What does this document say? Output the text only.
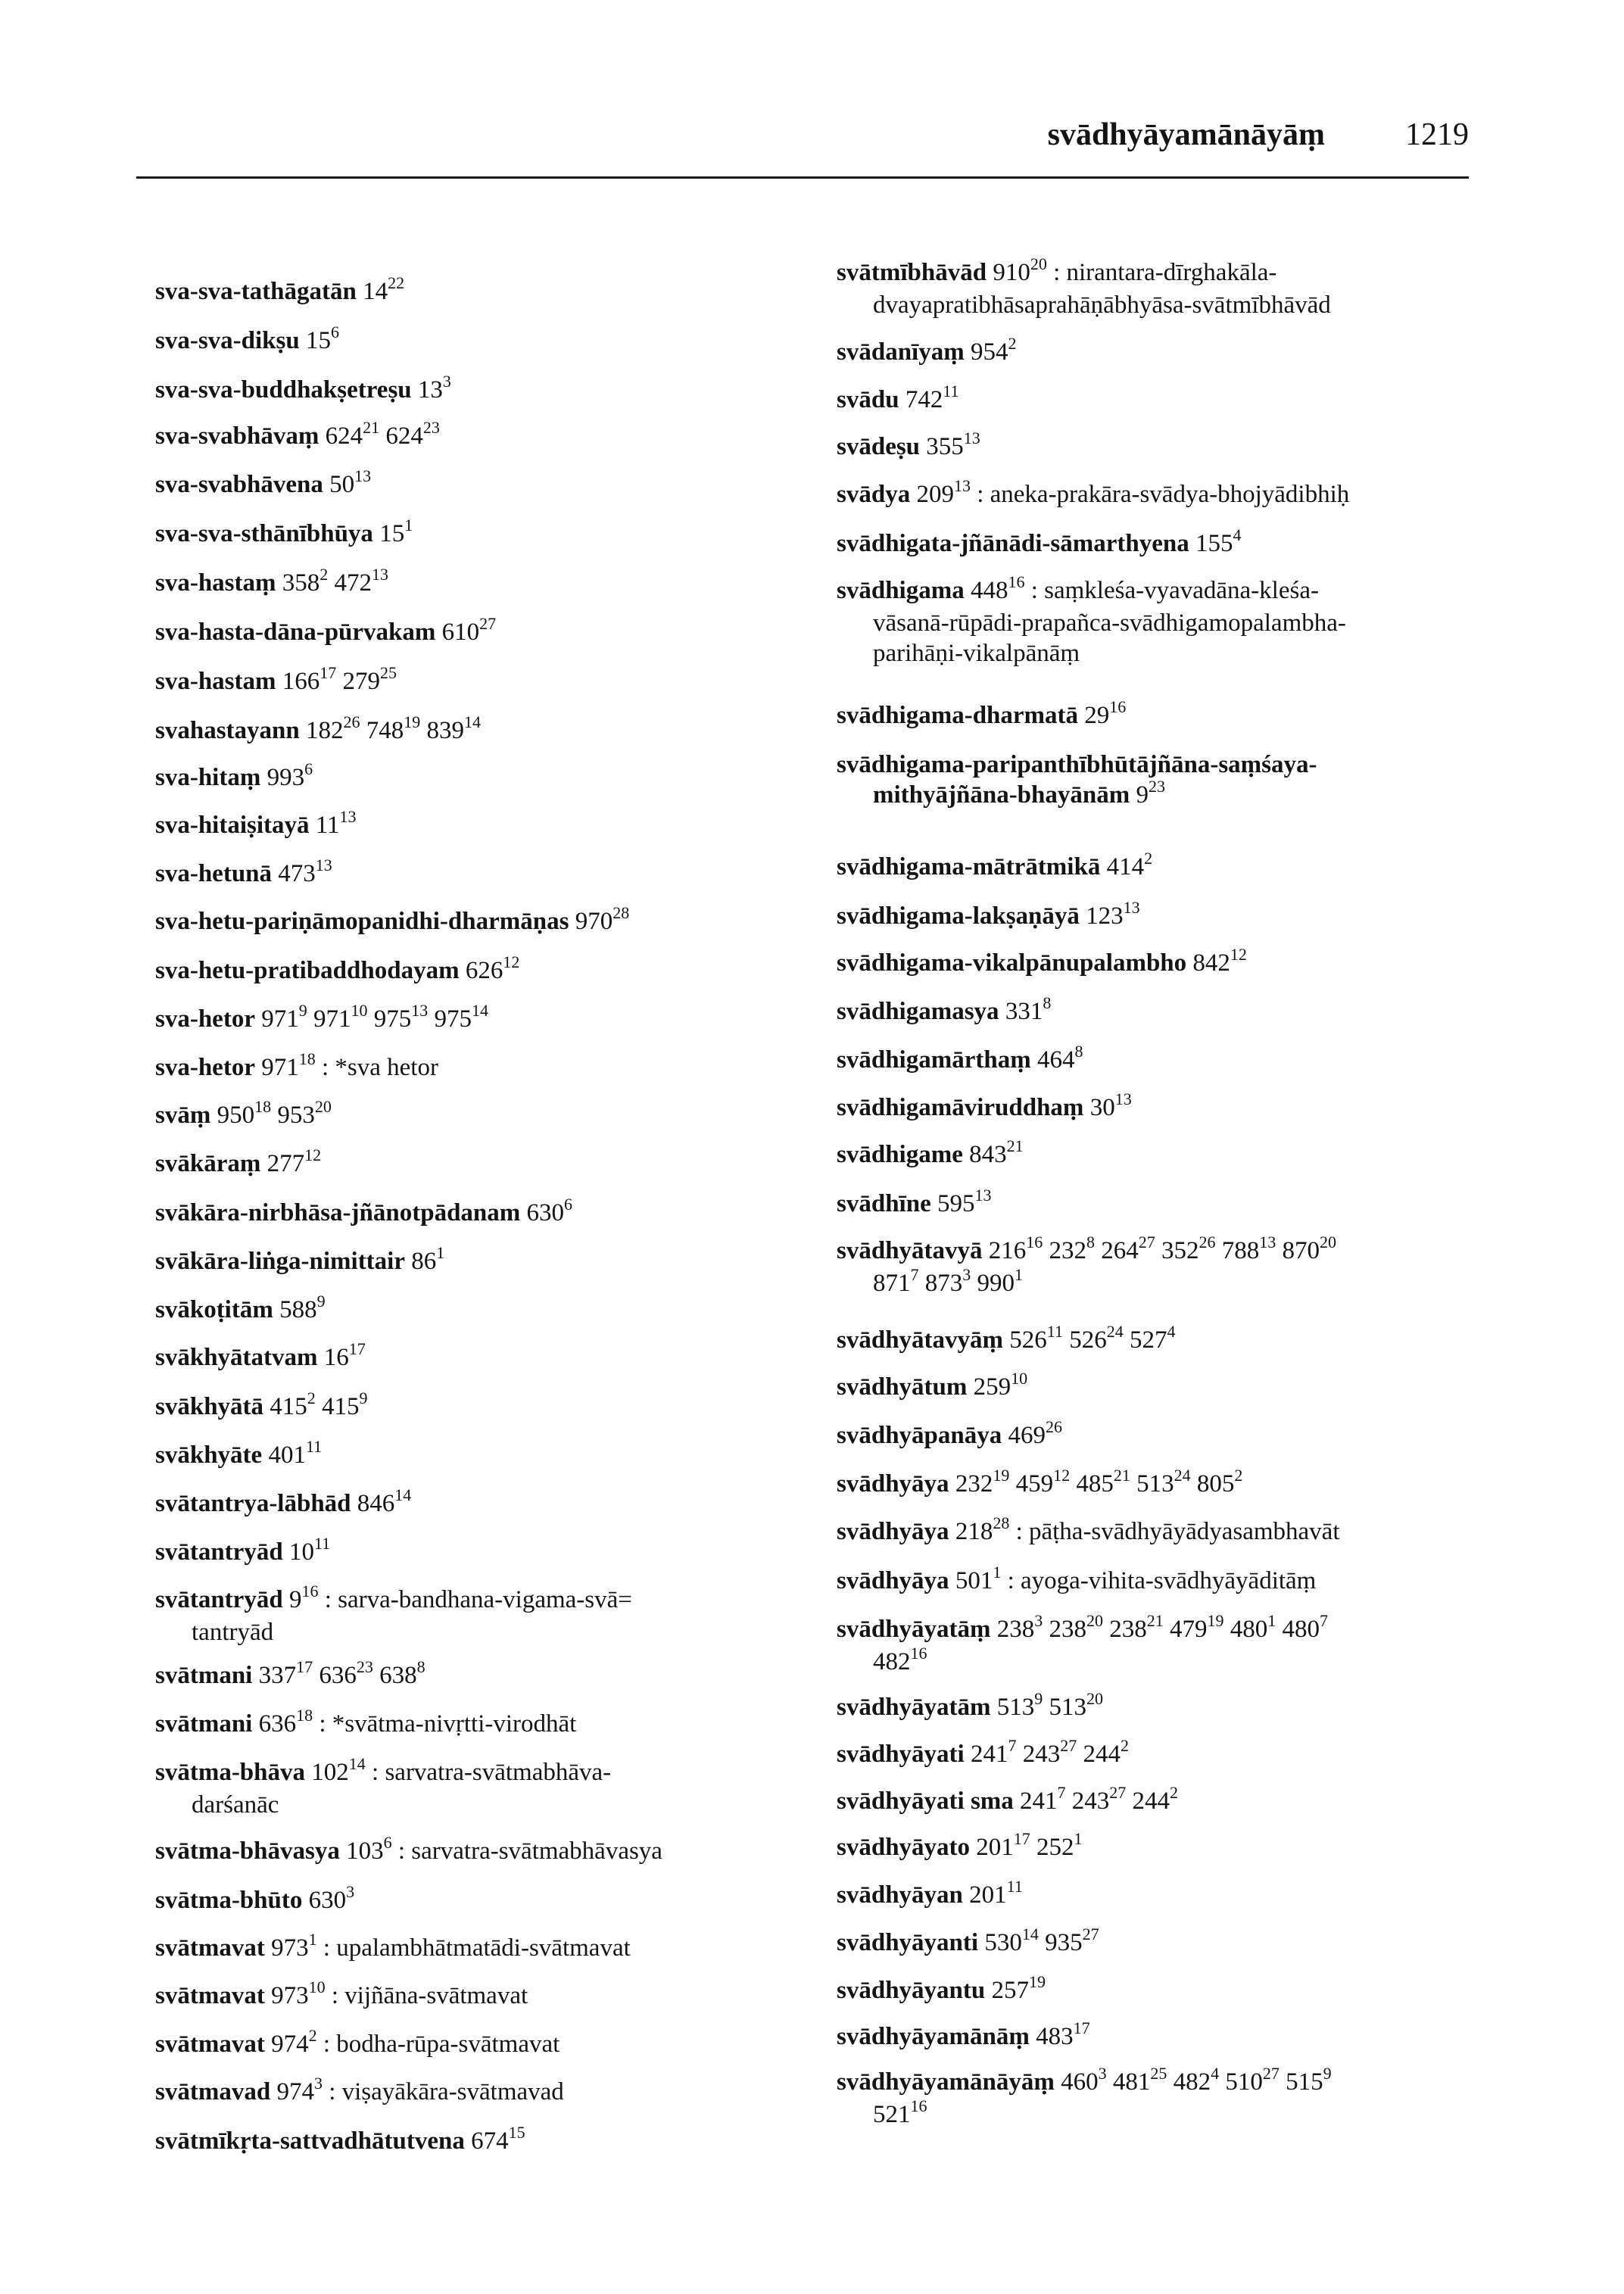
svādhyāyamānāyāṃ	1219
sva-sva-tathāgatān $14^{22}$
sva-sva-dikṣu $15^6$
sva-sva-buddhakṣetreṣu $13^3$
sva-svabhāvaṃ $624^{21}$ $624^{23}$
sva-svabhāvena $50^{13}$
sva-sva-sthānībhūya $15^1$
sva-hastaṃ $358^2$ $472^{13}$
sva-hasta-dāna-pūrvakam $610^{27}$
sva-hastam $166^{17}$ $279^{25}$
svahastayann $182^{26}$ $748^{19}$ $839^{14}$
sva-hitaṃ $993^6$
sva-hitaiṣitayā $11^{13}$
sva-hetunā $473^{13}$
sva-hetu-pariṇāmopanidhi-dharmāṇas $970^{28}$
sva-hetu-pratibaddhodayam $626^{12}$
sva-hetor $971^9$ $971^{10}$ $975^{13}$ $975^{14}$
sva-hetor $971^{18}$ : *sva hetor
svāṃ $950^{18}$ $953^{20}$
svākāraṃ $277^{12}$
svākāra-nirbhāsa-jñānotpādanam $630^6$
svākāra-liṅga-nimittair $86^1$
svākoṭitām $588^9$
svākhyātatvam $16^{17}$
svākhyātā $415^2$ $415^9$
svākhyāte $401^{11}$
svātantrya-lābhād $846^{14}$
svātantryād $10^{11}$
svātantryād $9^{16}$ : sarva-bandhana-vigama-svā=
tantryād
svātmani $337^{17}$ $636^{23}$ $638^8$
svātmani $636^{18}$ : *svātma-nivṛtti-virodhāt
svātma-bhāva $102^{14}$ : sarvatra-svātmabhāva-
darśanāc
svātma-bhāvasya $103^6$ : sarvatra-svātmabhāvasya
svātma-bhūto $630^3$
svātmavat $973^1$ : upalambhātmatādi-svātmavat
svātmavat $973^{10}$ : vijñāna-svātmavat
svātmavat $974^2$ : bodha-rūpa-svātmavat
svātmavad $974^3$ : viṣayākāra-svātmavad
svātmīkṛta-sattvadhātutvena $674^{15}$
svātmībhāvād $910^{20}$ : nirantara-dīrghakāla-
dvayapratibhāsaprahāṇābhyāsa-svātmībhāvād
svādanīyaṃ $954^2$
svādu $742^{11}$
svādeṣu $355^{13}$
svādya $209^{13}$ : aneka-prakāra-svādya-bhojyādibhiḥ
svādhigata-jñānādi-sāmarthyena $155^4$
svādhigama $448^{16}$ : saṃkleśa-vyavadāna-kleśa-
vāsanā-rūpādi-prapañca-svādhigamopalambha-
parihāṇi-vikalpānāṃ
svādhigama-dharmatā $29^{16}$
svādhigama-paripanthībhūtājñāna-saṃśaya-
mithyājñāna-bhayānām $9^{23}$
svādhigama-mātrātmikā $414^2$
svādhigama-lakṣaṇāyā $123^{13}$
svādhigama-vikalpānupalambho $842^{12}$
svādhigamasya $331^8$
svādhigamārthaṃ $464^8$
svādhigamāviruddhaṃ $30^{13}$
svādhigame $843^{21}$
svādhīne $595^{13}$
svādhyātavyā $216^{16}$ $232^8$ $264^{27}$ $352^{26}$ $788^{13}$ $870^{20}$
$871^7$ $873^3$ $990^1$
svādhyātavyāṃ $526^{11}$ $526^{24}$ $527^4$
svādhyātum $259^{10}$
svādhyāpanāya $469^{26}$
svādhyāya $232^{19}$ $459^{12}$ $485^{21}$ $513^{24}$ $805^2$
svādhyāya $218^{28}$ : pāṭha-svādhyāyādyasambhavāt
svādhyāya $501^1$ : ayoga-vihita-svādhyāyāditāṃ
svādhyāyatāṃ $238^3$ $238^{20}$ $238^{21}$ $479^{19}$ $480^1$ $480^7$
$482^{16}$
svādhyāyatām $513^9$ $513^{20}$
svādhyāyati $241^7$ $243^{27}$ $244^2$
svādhyāyati sma $241^7$ $243^{27}$ $244^2$
svādhyāyato $201^{17}$ $252^1$
svādhyāyan $201^{11}$
svādhyāyanti $530^{14}$ $935^{27}$
svādhyāyantu $257^{19}$
svādhyāyamānāṃ $483^{17}$
svādhyāyamānāyāṃ $460^3$ $481^{25}$ $482^4$ $510^{27}$ $515^9$
$521^{16}$
